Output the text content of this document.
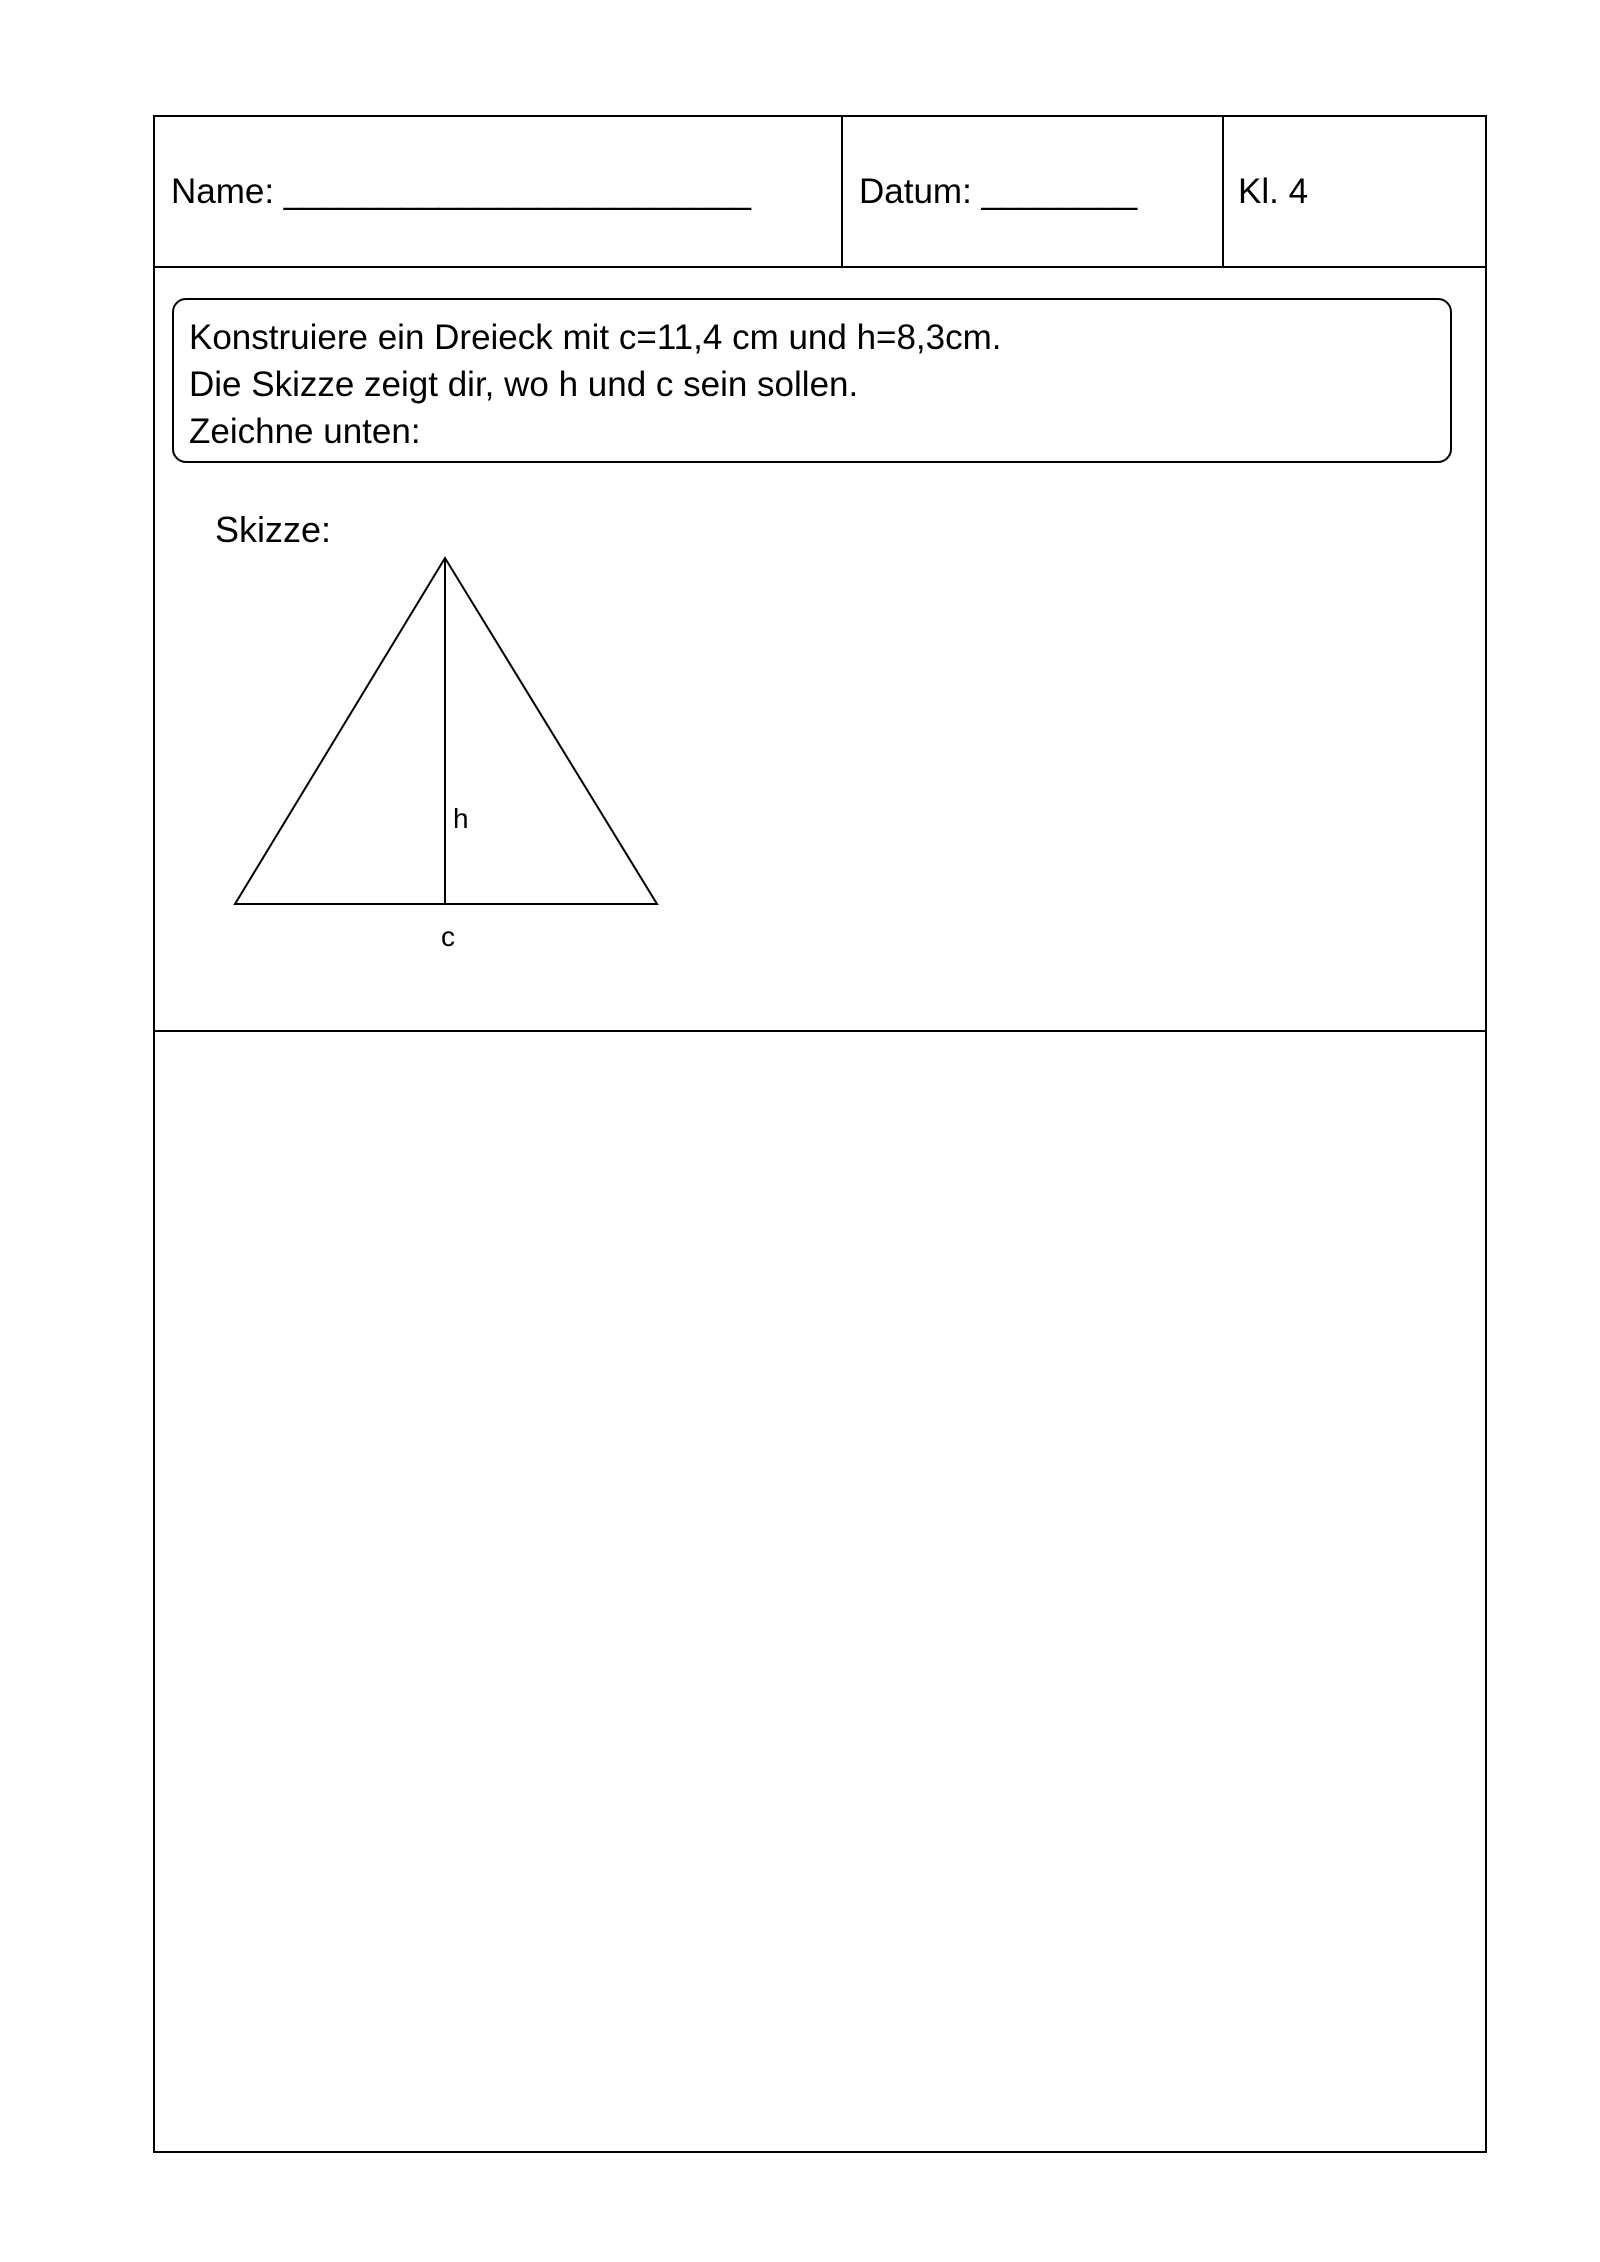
Name: ________________________	Datum: ________	Kl. 4
Konstruiere ein Dreieck mit c=11,4 cm und h=8,3cm.
Die Skizze zeigt dir, wo h und c sein sollen.
Zeichne unten:
Skizze:
h
c
